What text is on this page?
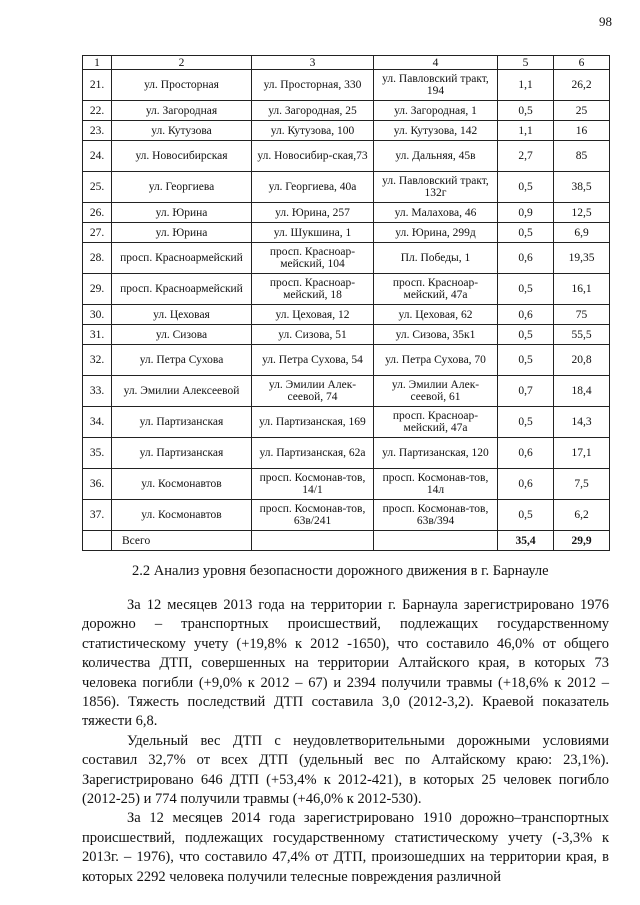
98
1	2	3	4	5	6
21.	ул. Просторная	ул. Просторная, 330	ул. Павловский тракт, 194	1,1	26,2
22.	ул. Загородная	ул. Загородная, 25	ул. Загородная, 1	0,5	25
23.	ул. Кутузова	ул. Кутузова, 100	ул. Кутузова, 142	1,1	16
24.	ул. Новосибирская	ул. Новосибир-ская,73	ул. Дальняя, 45в	2,7	85
25.	ул. Георгиева	ул. Георгиева, 40а	ул. Павловский тракт, 132г	0,5	38,5
26.	ул. Юрина	ул. Юрина, 257	ул. Малахова, 46	0,9	12,5
27.	ул. Юрина	ул. Шукшина, 1	ул. Юрина, 299д	0,5	6,9
28.	просп. Красноармейский	просп. Красноар-мейский, 104	Пл. Победы, 1	0,6	19,35
29.	просп. Красноармейский	просп. Красноар-мейский, 18	просп. Красноар-мейский, 47а	0,5	16,1
30.	ул. Цеховая	ул. Цеховая, 12	ул. Цеховая, 62	0,6	75
31.	ул. Сизова	ул. Сизова, 51	ул. Сизова, 35к1	0,5	55,5
32.	ул. Петра Сухова	ул. Петра Сухова, 54	ул. Петра Сухова, 70	0,5	20,8
33.	ул. Эмилии Алексеевой	ул. Эмилии Алек-сеевой, 74	ул. Эмилии Алек-сеевой, 61	0,7	18,4
34.	ул. Партизанская	ул. Партизанская, 169	просп. Красноар-мейский, 47а	0,5	14,3
35.	ул. Партизанская	ул. Партизанская, 62а	ул. Партизанская, 120	0,6	17,1
36.	ул. Космонавтов	просп. Космонав-тов, 14/1	просп. Космонав-тов, 14л	0,6	7,5
37.	ул. Космонавтов	просп. Космонав-тов, 63в/241	просп. Космонав-тов, 63в/394	0,5	6,2
	Всего			35,4	29,9
2.2 Анализ уровня безопасности дорожного движения в г. Барнауле

За 12 месяцев 2013 года на территории г. Барнаула зарегистрировано 1976 дорожно – транспортных происшествий, подлежащих государственному статистическому учету (+19,8% к 2012 -1650), что составило 46,0% от общего количества ДТП, совершенных на территории Алтайского края, в которых 73 человека погибли (+9,0% к 2012 – 67) и 2394 получили травмы (+18,6% к 2012 – 1856). Тяжесть последствий ДТП составила 3,0 (2012-3,2). Краевой показатель тяжести 6,8.

Удельный вес ДТП с неудовлетворительными дорожными условиями составил 32,7% от всех ДТП (удельный вес по Алтайскому краю: 23,1%). Зарегистрировано 646 ДТП (+53,4% к 2012-421), в которых 25 человек погибло (2012-25) и 774 получили травмы (+46,0% к 2012-530).

За 12 месяцев 2014 года зарегистрировано 1910 дорожно–транспортных происшествий, подлежащих государственному статистическому учету (-3,3% к 2013г. – 1976), что составило 47,4% от ДТП, произошедших на территории края, в которых 2292 человека получили телесные повреждения различной
